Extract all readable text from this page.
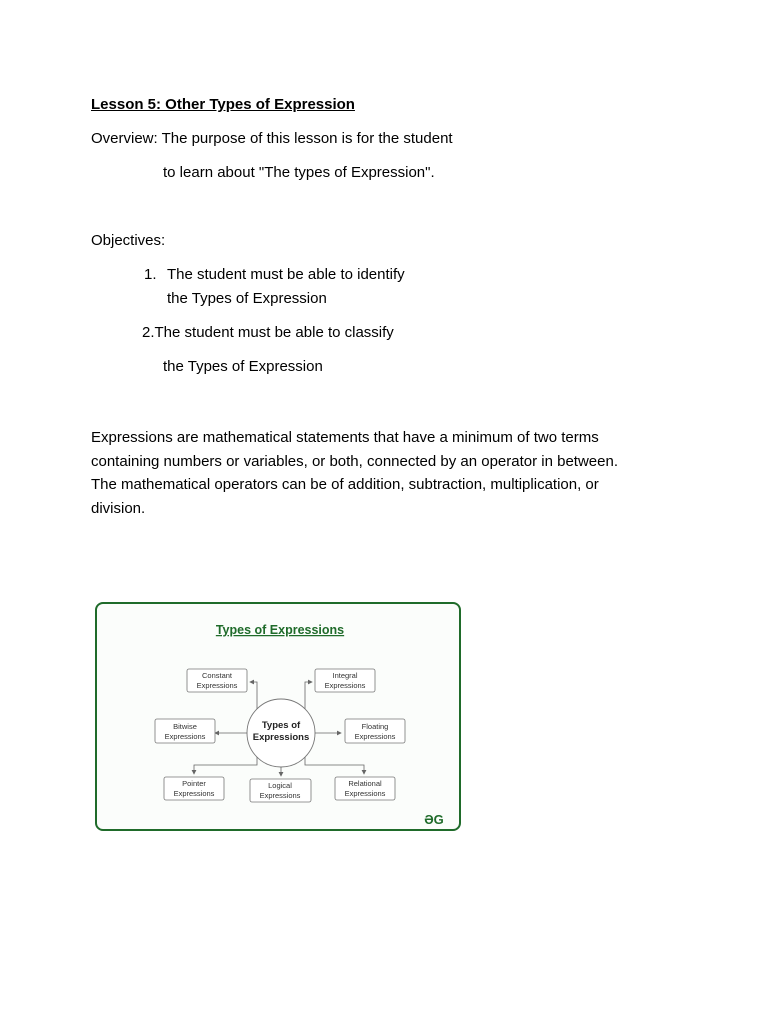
Lesson 5: Other Types of Expression
Overview: The purpose of this lesson is for the student
to learn about "The types of Expression".
Objectives:
1. The student must be able to identify
the Types of Expression
2.The student must be able to classify
the Types of Expression

Expressions are mathematical statements that have a minimum of two terms

containing numbers or variables, or both, connected by an operator in between.

The mathematical operators can be of addition, subtraction, multiplication, or

division.

Types of Expressions
Types of
Expressions
Constant
Expressions
Integral
Expressions
Bitwise
Expressions
Floating
Expressions
Pointer
Expressions
Logical
Expressions
Relational
Expressions
ƏG
